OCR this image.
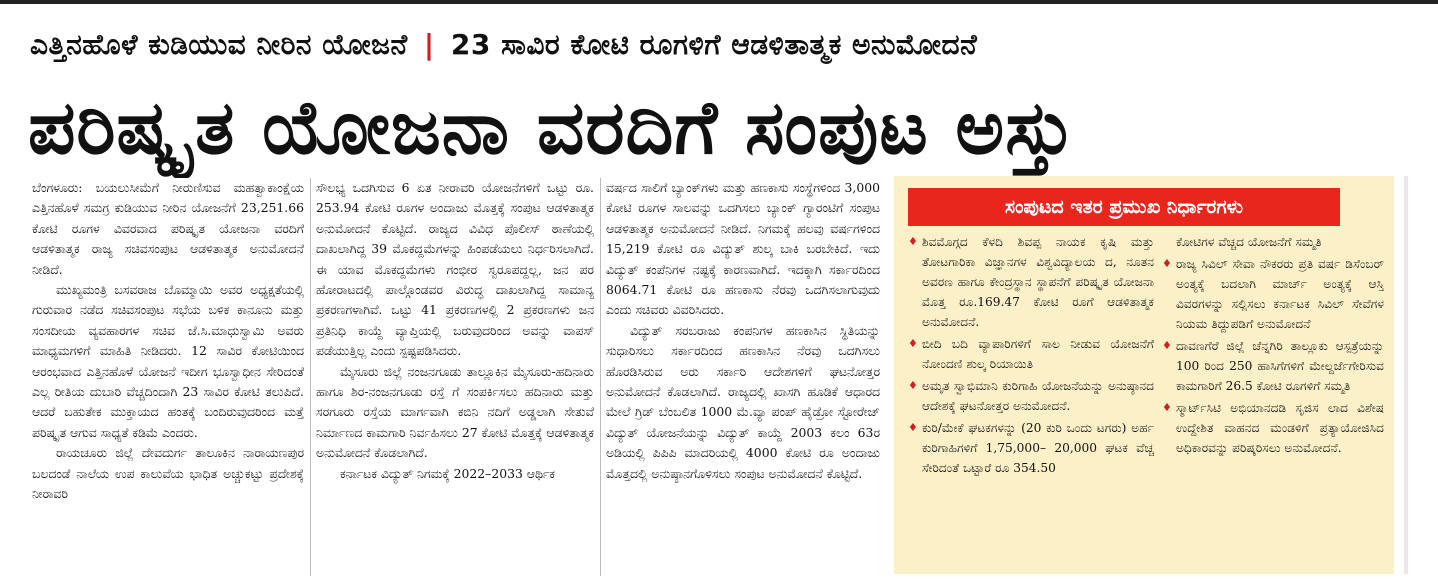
ಎತ್ತಿನಹೊಳೆ ಕುಡಿಯುವ ನೀರಿನ ಯೋಜನೆ | 23 ಸಾವಿರ ಕೋಟಿ ರೂಗಳಿಗೆ ಆಡಳಿತಾತ್ಮಕ ಅನುಮೋದನೆ
ಪರಿಷ್ಕೃತ ಯೋಜನಾ ವರದಿಗೆ ಸಂಪುಟ ಅಸ್ತು

ಬೆಂಗಳೂರು: ಬಯಲುಸೀಮೆಗೆ ನೀರುಣಿಸುವ ಮಹತ್ವಾಕಾಂಕ್ಷೆಯ ಎತ್ತಿನಹೊಳೆ ಸಮಗ್ರ ಕುಡಿಯುವ ನೀರಿನ ಯೋಜನೆಗೆ 23,251.66 ಕೋಟಿ ರೂಗಳ ವಿವರವಾದ ಪರಿಷ್ಕೃತ ಯೋಜನಾ ವರದಿಗೆ ಆಡಳಿತಾತ್ಮಕ ರಾಜ್ಯ ಸಚಿವಸಂಪುಟ ಆಡಳಿತಾತ್ಮಕ ಅನುಮೋದನೆ ನೀಡಿದೆ.

ಮುಖ್ಯಮಂತ್ರಿ ಬಸವರಾಜ ಬೊಮ್ಮಾಯಿ ಅವರ ಅಧ್ಯಕ್ಷತೆಯಲ್ಲಿ ಗುರುವಾರ ನಡೆದ ಸಚಿವಸಂಪುಟ ಸಭೆಯ ಬಳಿಕ ಕಾನೂನು ಮತ್ತು ಸಂಸದೀಯ ವ್ಯವಹಾರಗಳ ಸಚಿವ ಜೆ.ಸಿ.ಮಾಧುಸ್ವಾಮಿ ಅವರು ಮಾಧ್ಯಮಗಳಿಗೆ ಮಾಹಿತಿ ನೀಡಿದರು. 12 ಸಾವಿರ ಕೋಟಿಯಿಂದ ಆರಂಭವಾದ ಎತ್ತಿನಹೊಳೆ ಯೋಜನೆ ಇದೀಗ ಭೂಸ್ವಾಧೀನ ಸೇರಿದಂತೆ ಎಲ್ಲ ರೀತಿಯ ದುಬಾರಿ ವೆಚ್ಚದಿಂದಾಗಿ 23 ಸಾವಿರ ಕೋಟಿ ತಲುಪಿದೆ. ಆದರೆ ಬಹುತೇಕ ಮುಕ್ತಾಯದ ಹಂತಕ್ಕೆ ಬಂದಿರುವುದರಿಂದ ಮತ್ತೆ ಪರಿಷ್ಕೃತ ಆಗುವ ಸಾಧ್ಯತೆ ಕಡಿಮೆ ಎಂದರು.

ರಾಯಚೂರು ಜಿಲ್ಲೆ ದೇವದುರ್ಗ ತಾಲೂಕಿನ ನಾರಾಯಣಪುರ ಬಲದಂಡೆ ನಾಲೆಯ ಉಪ ಕಾಲುವೆಯ ಭಾಧಿತ ಅಚ್ಚುಕಟ್ಟು ಪ್ರದೇಶಕ್ಕೆ ನೀರಾವರಿ

ಸೌಲಭ್ಯ ಒದಗಿಸುವ 6 ಏತ ನೀರಾವರಿ ಯೋಜನೆಗಳಿಗೆ ಒಟ್ಟು ರೂ. 253.94 ಕೋಟಿ ರೂಗಳ ಅಂದಾಜು ಮೊತ್ತಕ್ಕೆ ಸಂಪುಟ ಆಡಳಿತಾತ್ಮಕ ಅನುಮೋದನೆ ಕೊಟ್ಟಿದೆ. ರಾಜ್ಯದ ವಿವಿಧ ಪೊಲೀಸ್ ಠಾಣೆಯಲ್ಲಿ ದಾಖಲಾಗಿದ್ದ 39 ಮೊಕದ್ದಮೆಗಳನ್ನು ಹಿಂಪಡೆಯಲು ನಿರ್ಧರಿಸಲಾಗಿದೆ. ಈ ಯಾವ ಮೊಕದ್ದಮೆಗಳು ಗಂಭೀರ ಸ್ವರೂಪದ್ದಲ್ಲ, ಜನ ಪರ ಹೋರಾಟದಲ್ಲಿ ಪಾಲ್ಗೊಂಡವರ ವಿರುದ್ಧ ದಾಖಲಾಗಿದ್ದ ಸಾಮಾನ್ಯ ಪ್ರಕರಣಗಳಾಗಿವೆ. ಒಟ್ಟು 41 ಪ್ರಕರಣಗಳಲ್ಲಿ 2 ಪ್ರಕರಣಗಳು ಜನ ಪ್ರತಿನಿಧಿ ಕಾಯ್ದೆ ವ್ಯಾಪ್ತಿಯಲ್ಲಿ ಬರುವುದರಿಂದ ಅವನ್ನು ವಾಪಸ್ ಪಡೆಯುತ್ತಿಲ್ಲ ಎಂದು ಸ್ಪಷ್ಟಪಡಿಸಿದರು.

ಮೈಸೂರು ಜಿಲ್ಲೆ ನಂಜನಗೂಡು ತಾಲ್ಲೂಕಿನ ಮೈಸೂರು-ಹದಿನಾರು ಹಾಗೂ ಶಿರ-ನಂಜನಗೂಡು ರಸ್ತೆ ಗೆ ಸಂಪರ್ಕಿಸಲು ಹದಿನಾರು ಮತ್ತು ಸರಗೂರು ರಸ್ತೆಯ ಮಾರ್ಗವಾಗಿ ಕಬಿನಿ ನದಿಗೆ ಅಡ್ಡಲಾಗಿ ಸೇತುವೆ ನಿರ್ಮಾಣದ ಕಾಮಗಾರಿ ನಿರ್ವಹಿಸಲು 27 ಕೋಟಿ ಮೊತ್ತಕ್ಕೆ ಆಡಳಿತಾತ್ಮಕ ಅನುಮೋದನೆ ಕೊಡಲಾಗಿದೆ.

ಕರ್ನಾಟಕ ವಿದ್ಯುತ್ ನಿಗಮಕ್ಕೆ 2022–2033 ಆರ್ಥಿಕ

ವರ್ಷದ ಸಾಲಿಗೆ ಬ್ಯಾಂಕ್‌ಗಳು ಮತ್ತು ಹಣಕಾಸು ಸಂಸ್ಥೆಗಳಿಂದ 3,000 ಕೋಟಿ ರೂಗಳ ಸಾಲವನ್ನು ಒದಗಿಸಲು ಬ್ಯಾಂಕ್ ಗ್ಯಾರಂಟಿಗೆ ಸಂಪುಟ ಆಡಳಿತಾತ್ಮಕ ಅನುಮೋದನೆ ನೀಡಿದೆ. ನಿಗಮಕ್ಕೆ ಹಲವು ವರ್ಷಗಳಿಂದ 15,219 ಕೋಟಿ ರೂ ವಿದ್ಯುತ್ ಶುಲ್ಕ ಬಾಕಿ ಬರಬೇಕಿದೆ. ಇದು ವಿದ್ಯುತ್ ಕಂಪೆನಿಗಳ ನಷ್ಟಕ್ಕೆ ಕಾರಣವಾಗಿದೆ. ಇದಕ್ಕಾಗಿ ಸರ್ಕಾರದಿಂದ 8064.71 ಕೋಟಿ ರೂ ಹಣಕಾಸು ನೆರವು ಒದಗಿಸಲಾಗುವುದು ಎಂದು ಸಚಿವರು ವಿವರಿಸಿದರು.

ವಿದ್ಯುತ್ ಸರಬರಾಜು ಕಂಪನಿಗಳ ಹಣಕಾಸಿನ ಸ್ಥಿತಿಯನ್ನು ಸುಧಾರಿಸಲು ಸರ್ಕಾರದಿಂದ ಹಣಕಾಸಿನ ನೆರವು ಒದಗಿಸಲು ಹೊರಡಿಸಿರುವ ಅರು ಸರ್ಕಾರಿ ಆದೇಶಗಳಿಗೆ ಘಟನೋತ್ತರ ಅನುಮೋದನೆ ಕೊಡಲಾಗಿದೆ. ರಾಜ್ಯದಲ್ಲಿ ಖಾಸಗಿ ಹೂಡಿಕೆ ಆಧಾರದ ಮೇಲೆ ಗ್ರಿಡ್ ಬೆಂಬಲಿತ 1000 ಮೆ.ವ್ಯಾ ಪಂಪ್ ಹೈಡ್ರೋ ಸ್ಟೋರೇಜ್ ವಿದ್ಯುತ್ ಯೋಜನೆಯನ್ನು ವಿದ್ಯುತ್ ಕಾಯ್ದೆ 2003 ಕಲಂ 63ರ ಅಡಿಯಲ್ಲಿ ಪಿಪಿಪಿ ಮಾದರಿಯಲ್ಲಿ 4000 ಕೋಟಿ ರೂ ಅಂದಾಜು ಮೊತ್ತದಲ್ಲಿ ಅನುಷ್ಠಾನಗೊಳಿಸಲು ಸಂಪುಟ ಅನುಮೋದನೆ ಕೊಟ್ಟಿದೆ.

ಸಂಪುಟದ ಇತರ ಪ್ರಮುಖ ನಿರ್ಧಾರಗಳು
♦ ಶಿವಮೊಗ್ಗದ ಕೆಳದಿ ಶಿವಪ್ಪ ನಾಯಕ ಕೃಷಿ ಮತ್ತು ತೋಟಗಾರಿಕಾ ವಿಜ್ಞಾನಗಳ ವಿಶ್ವವಿದ್ಯಾಲಯ ದ, ನೂತನ ಅವರಣ ಹಾಗೂ ಕೇಂದ್ರಸ್ಥಾನ ಸ್ಥಾಪನೆಗೆ ಪರಿಷ್ಕೃತ ಯೋಜನಾ ಮೊತ್ತ ರೂ.169.47 ಕೋಟಿ ರೂಗೆ ಆಡಳಿತಾತ್ಮಕ ಅನುಮೋದನೆ.
♦ ಬೀದಿ ಬದಿ ವ್ಯಾಪಾರಿಗಳಿಗೆ ಸಾಲ ನೀಡುವ ಯೋಜನೆಗೆ ನೋಂದಣಿ ಶುಲ್ಕ ರಿಯಾಯಿತಿ
♦ ಅಮೃತ ಸ್ವಾಭಿಮಾನಿ ಕುರಿಗಾಹಿ ಯೋಜನೆಯನ್ನು ಅನುಷ್ಠಾನದ ಆದೇಶಕ್ಕೆ ಘಟನೋತ್ತರ ಅನುಮೋದನೆ.
♦ ಕುರಿ/ಮೇಕೆ ಘಟಕಗಳನ್ನು (20 ಕುರಿ ಒಂದು ಟಗರು) ಅರ್ಹ ಕುರಿಗಾಹಿಗಳಿಗೆ 1,75,000– 20,000 ಘಟಕ ವೆಚ್ಚ ಸೇರಿದಂತೆ ಒಟ್ಟಾರೆ ರೂ 354.50
ಕೋಟಿಗಳ ವೆಚ್ಚದ ಯೋಜನೆಗೆ ಸಮ್ಮತಿ
♦ ರಾಜ್ಯ ಸಿವಿಲ್ ಸೇವಾ ನೌಕರರು ಪ್ರತಿ ವರ್ಷ ಡಿಸೆಂಬರ್ ಅಂತ್ಯಕ್ಕೆ ಬದಲಾಗಿ ಮಾರ್ಚ್ ಅಂತ್ಯಕ್ಕೆ ಆಸ್ತಿ ವಿವರಗಳನ್ನು ಸಲ್ಲಿಸಲು ಕರ್ನಾಟಕ ಸಿವಿಲ್ ಸೇವೆಗಳ ನಿಯಮ ತಿದ್ದುಪಡಿಗೆ ಅನುಮೋದನೆ
♦ ದಾವಣಗೆರೆ ಜಿಲ್ಲೆ ಚೆನ್ನಗಿರಿ ತಾಲ್ಲೂಕು ಆಸ್ಪತ್ರೆಯನ್ನು 100 ರಿಂದ 250 ಹಾಸಿಗೆಗಳಿಗೆ ಮೇಲ್ದರ್ಜೆಗೇರಿಸುವ ಕಾಮಗಾರಿಗೆ 26.5 ಕೋಟಿ ರೂಗಳಿಗೆ ಸಮ್ಮತಿ
♦ ಸ್ಮಾರ್ಟ್‌ಸಿಟಿ ಅಭಿಯಾನದಡಿ ಸೃಜಿಸ ಲಾದ ವಿಶೇಷ ಉದ್ದೇಶಿತ ವಾಹನದ ಮಂಡಳಿಗೆ ಪ್ರತ್ಯಾಯೋಜಿಸಿದ ಅಧಿಕಾರವನ್ನು ಪರಿಷ್ಕರಿಸಲು ಅನುಮೋದನೆ.
